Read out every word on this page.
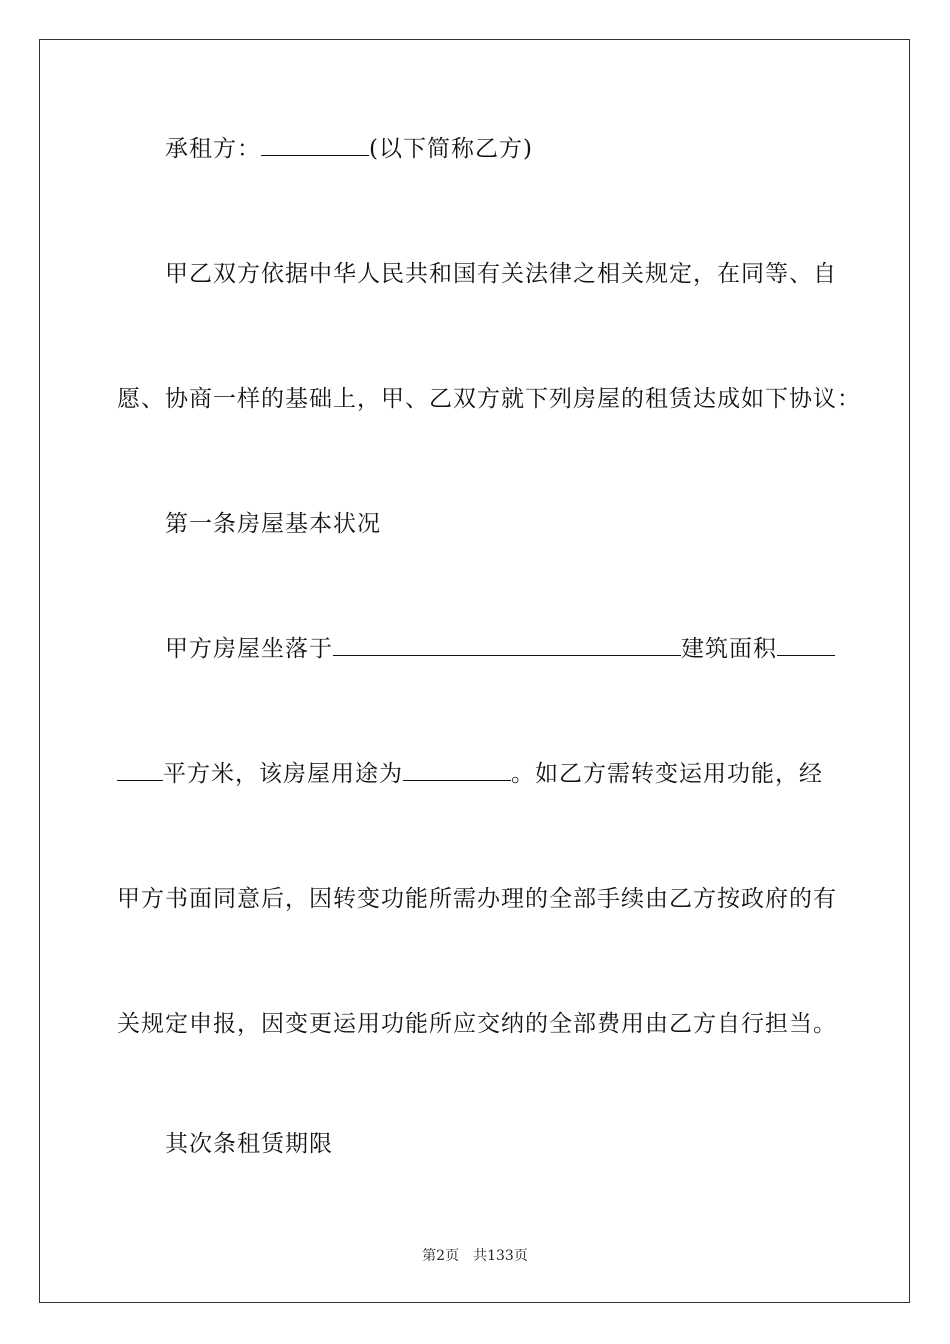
承租方：	(以下简称乙方)
甲乙双方依据中华人民共和国有关法律之相关规定，在同等、自
愿、协商一样的基础上，甲、乙双方就下列房屋的租赁达成如下协议：
第一条房屋基本状况
甲方房屋坐落于	建筑面积
平方米，该房屋用途为	。如乙方需转变运用功能，经
甲方书面同意后，因转变功能所需办理的全部手续由乙方按政府的有
关规定申报，因变更运用功能所应交纳的全部费用由乙方自行担当。
其次条租赁期限
第2页 共133页
